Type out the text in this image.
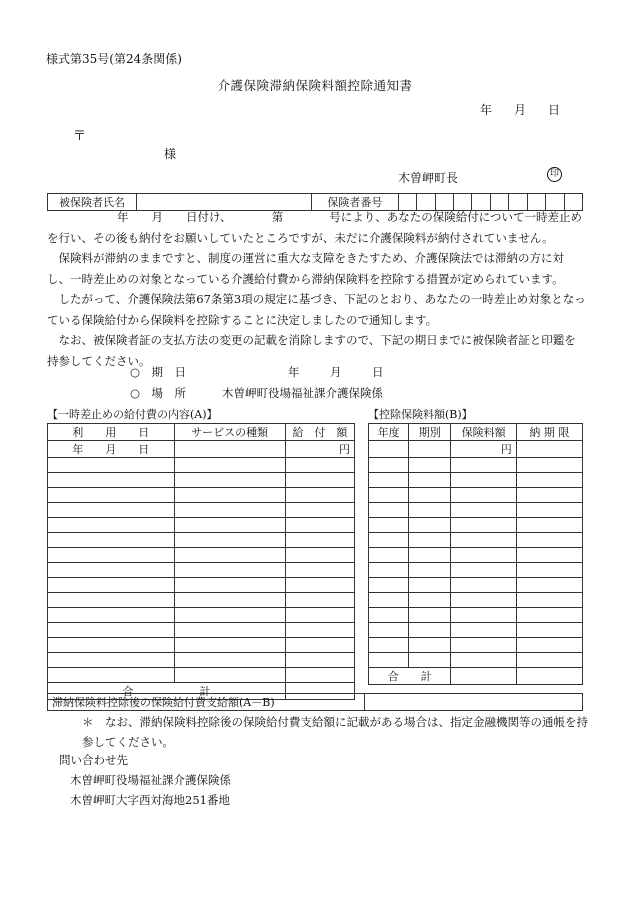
様式第35号(第24条関係)
介護保険滞納保険料額控除通知書
年 月 日
〒
様
木曽岬町長	印
被保険者氏名		保険者番号										

年　　月　　日付け、　　　　第　　　　号により、あなたの保険給付について一時差止めを行い、その後も納付をお願いしていたところですが、未だに介護保険料が納付されていません。

保険料が滞納のままですと、制度の運営に重大な支障をきたすため、介護保険法では滞納の方に対し、一時差止めの対象となっている介護給付費から滞納保険料を控除する措置が定められています。

したがって、介護保険法第67条第3項の規定に基づき、下記のとおり、あなたの一時差止め対象となっている保険給付から保険料を控除することに決定しましたので通知します。

なお、被保険者証の支払方法の変更の記載を消除しますので、下記の期日までに被保険者証と印鑑を持参してください。

○　期　日	年	月	日
○　場　所	木曽岬町役場福祉課介護保険係
【一時差止めの給付費の内容(A)】	【控除保険料額(B)】
利　　用　　日	サービスの種類	給　付　額
年　　月　　日		円

合　　　　　　計		
年度	期別	保険料額	納 期 限
		円	

合　　計			
滞納保険料控除後の保険給付費支給額(A－B)	
＊　なお、滞納保険料控除後の保険給付費支給額に記載がある場合は、指定金融機関等の通帳を持参してください。
問い合わせ先
木曽岬町役場福祉課介護保険係
木曽岬町大字西対海地251番地
